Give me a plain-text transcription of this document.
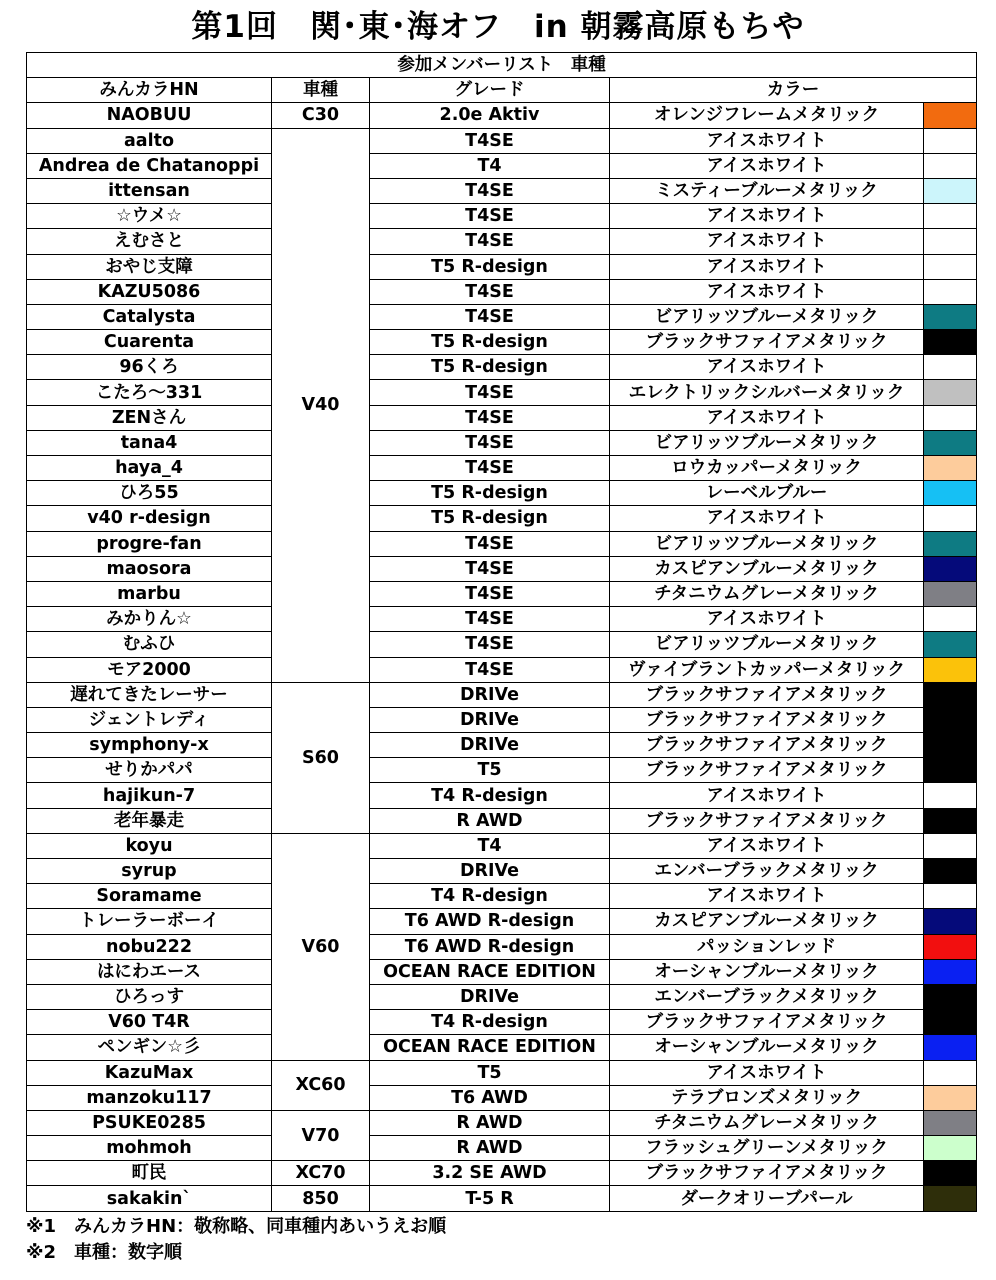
第1回　関･東･海オフ　in 朝霧高原もちや
参加メンバーリスト　車種				
みんカラHN	車種	グレード	カラー	
NAOBUU	C30	2.0e Aktiv	オレンジフレームメタリック	
aalto	V40	T4SE	アイスホワイト	
Andrea de Chatanoppi		T4	アイスホワイト	
ittensan		T4SE	ミスティーブルーメタリック	
☆ウメ☆		T4SE	アイスホワイト	
えむさと		T4SE	アイスホワイト	
おやじ支障		T5 R-design	アイスホワイト	
KAZU5086		T4SE	アイスホワイト	
Catalysta		T4SE	ビアリッツブルーメタリック	
Cuarenta		T5 R-design	ブラックサファイアメタリック	
96くろ		T5 R-design	アイスホワイト	
こたろ～331		T4SE	エレクトリックシルバーメタリック	
ZENさん		T4SE	アイスホワイト	
tana4		T4SE	ビアリッツブルーメタリック	
haya_4		T4SE	ロウカッパーメタリック	
ひろ55		T5 R-design	レーベルブルー	
v40 r-design		T5 R-design	アイスホワイト	
progre-fan		T4SE	ビアリッツブルーメタリック	
maosora		T4SE	カスピアンブルーメタリック	
marbu		T4SE	チタニウムグレーメタリック	
みかりん☆		T4SE	アイスホワイト	
むふひ		T4SE	ビアリッツブルーメタリック	
モア2000		T4SE	ヴァイブラントカッパーメタリック	
遅れてきたレーサー	S60	DRIVe	ブラックサファイアメタリック	
ジェントレディ		DRIVe	ブラックサファイアメタリック	
symphony-x		DRIVe	ブラックサファイアメタリック	
せりかパパ		T5	ブラックサファイアメタリック	
hajikun-7		T4 R-design	アイスホワイト	
老年暴走		R AWD	ブラックサファイアメタリック	
koyu	V60	T4	アイスホワイト	
syrup		DRIVe	エンバーブラックメタリック	
Soramame		T4 R-design	アイスホワイト	
トレーラーボーイ		T6 AWD R-design	カスピアンブルーメタリック	
nobu222		T6 AWD R-design	パッションレッド	
はにわエース		OCEAN RACE EDITION	オーシャンブルーメタリック	
ひろっす		DRIVe	エンバーブラックメタリック	
V60 T4R		T4 R-design	ブラックサファイアメタリック	
ペンギン☆彡		OCEAN RACE EDITION	オーシャンブルーメタリック	
KazuMax	XC60	T5	アイスホワイト	
manzoku117		T6 AWD	テラブロンズメタリック	
PSUKE0285	V70	R AWD	チタニウムグレーメタリック	
mohmoh		R AWD	フラッシュグリーンメタリック	
町民	XC70	3.2 SE AWD	ブラックサファイアメタリック	
sakakin`	850	T-5 R	ダークオリーブパール	
※1　みんカラHN：敬称略、同車種内あいうえお順
※2　車種：数字順
